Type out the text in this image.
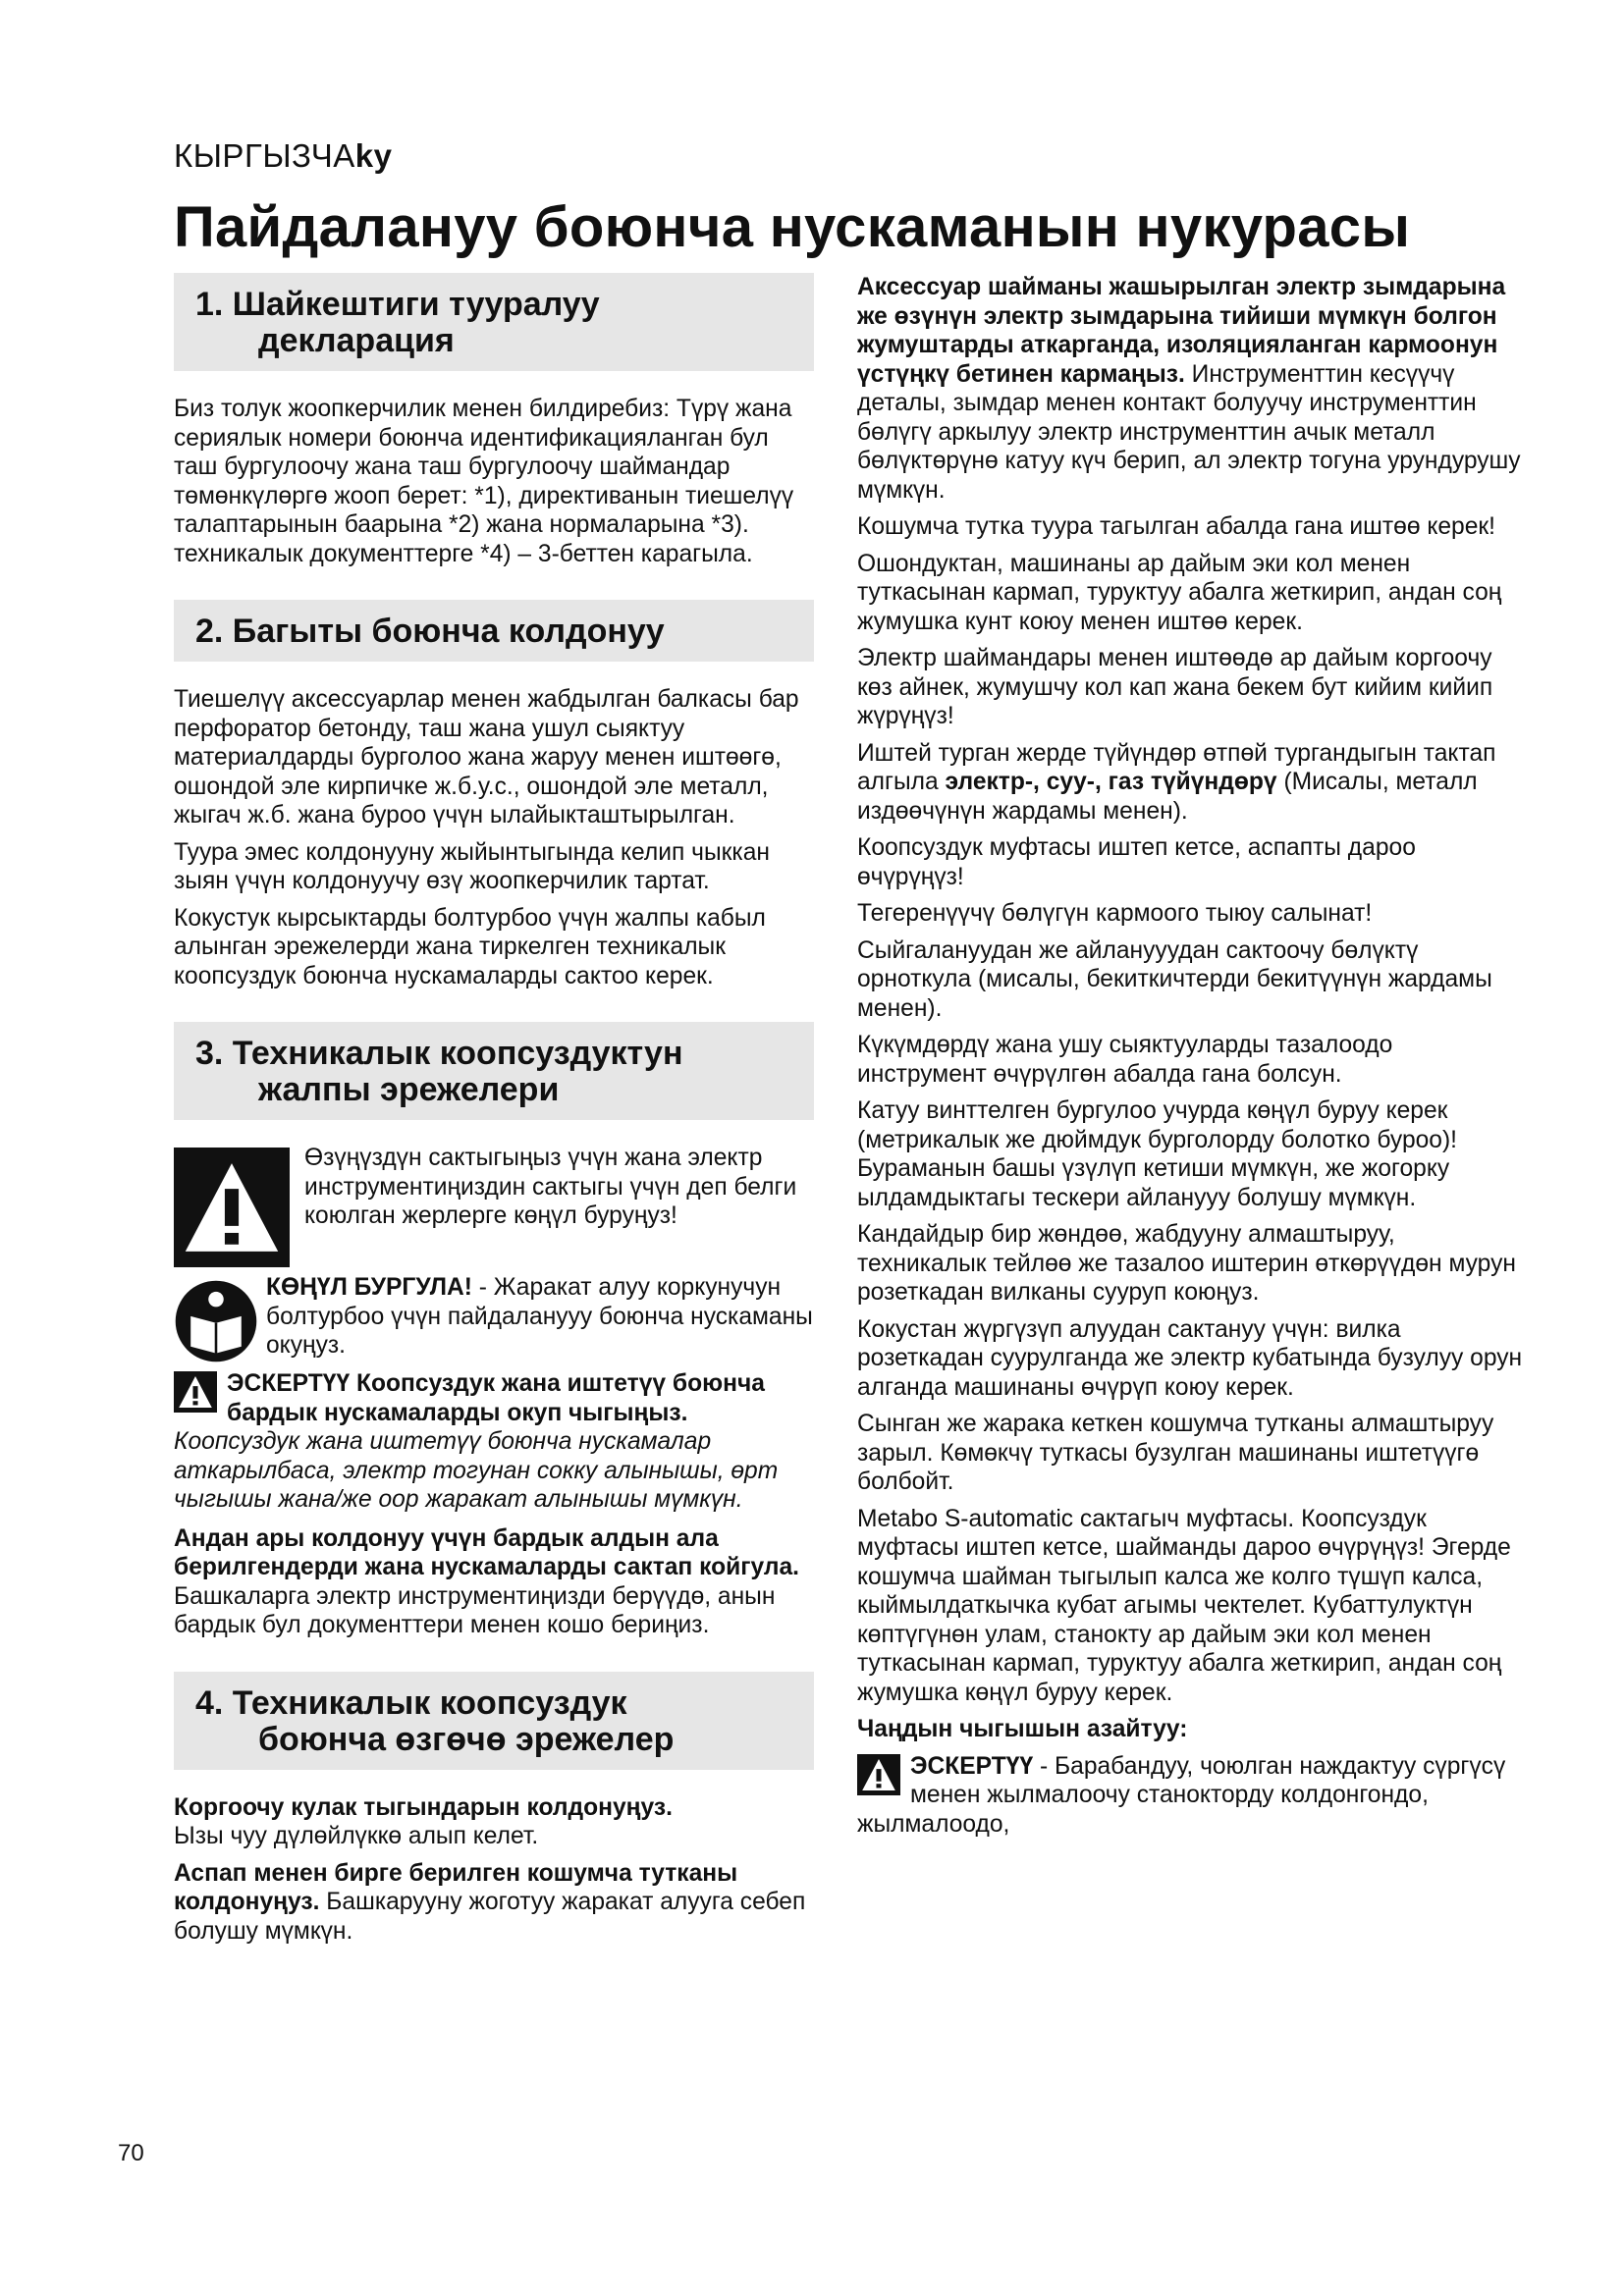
КЫРГЫЗЧАky
Пайдалануу боюнча нускаманын нукурасы
1. Шайкештиги тууралуу
декларация

Биз толук жоопкерчилик менен билдиребиз: Түрү жана сериялык номери боюнча идентификацияланган бул таш бургулоочу жана таш бургулоочу шаймандар төмөнкүлөргө жооп берет: *1), директиванын тиешелүү талаптарынын баарына *2) жана нормаларына *3). техникалык документтерге *4) – 3-беттен карагыла.

2. Багыты боюнча колдонуу

Тиешелүү аксессуарлар менен жабдылган балкасы бар перфоратор бетонду, таш жана ушул сыяктуу материалдарды бурголоо жана жаруу менен иштөөгө, ошондой эле кирпичке ж.б.у.с., ошондой эле металл, жыгач ж.б. жана буроо үчүн ылайыкташтырылган.

Туура эмес колдонууну жыйынтыгында келип чыккан зыян үчүн колдонуучу өзү жоопкерчилик тартат.

Кокустук кырсыктарды болтурбоо үчүн жалпы кабыл алынган эрежелерди жана тиркелген техникалык коопсуздук боюнча нускамаларды сактоо керек.

3. Техникалык коопсуздуктун
жалпы эрежелери

Өзүңүздүн сактыгыңыз үчүн жана электр инструментиңиздин сактыгы үчүн деп белги коюлган жерлерге көңүл буруңуз!

КӨҢҮЛ БУРГУЛА! - Жаракат алуу коркунучун болтурбоо үчүн пайдаланууу боюнча нускаманы окуңуз.

ЭСКЕРТҮҮ Коопсуздук жана иштетүү боюнча бардык нускамаларды окуп чыгыңыз. Коопсуздук жана иштетүү боюнча нускамалар аткарылбаса, электр тогунан сокку алынышы, өрт чыгышы жана/же оор жаракат алынышы мүмкүн.

Андан ары колдонуу үчүн бардык алдын ала берилгендерди жана нускамаларды сактап койгула.

Башкаларга электр инструментиңизди берүүдө, анын бардык бул документтери менен кошо бериңиз.

4. Техникалык коопсуздук
боюнча өзгөчө эрежелер

Коргоочу кулак тыгындарын колдонуңуз.
Ызы чуу дүлөйлүккө алып келет.

Аспап менен бирге берилген кошумча тутканы колдонуңуз. Башкарууну жоготуу жаракат алууга себеп болушу мүмкүн.

Аксессуар шайманы жашырылган электр зымдарына же өзүнүн электр зымдарына тийиши мүмкүн болгон жумуштарды аткарганда, изоляцияланган кармоонун үстүңкү бетинен кармаңыз. Инструменттин кесүүчү деталы, зымдар менен контакт болуучу инструменттин бөлүгү аркылуу электр инструменттин ачык металл бөлүктөрүнө катуу күч берип, ал электр тогуна урундурушу мүмкүн.

Кошумча тутка туура тагылган абалда гана иштөө керек!

Ошондуктан, машинаны ар дайым эки кол менен туткасынан кармап, туруктуу абалга жеткирип, андан соң жумушка кунт коюу менен иштөө керек.

Электр шаймандары менен иштөөдө ар дайым коргоочу көз айнек, жумушчу кол кап жана бекем бут кийим кийип жүрүңүз!

Иштей турган жерде түйүндөр өтпөй тургандыгын тактап алгыла электр-, суу-, газ түйүндөрү (Мисалы, металл издөөчүнүн жардамы менен).

Коопсуздук муфтасы иштеп кетсе, аспапты дароо өчүрүңүз!

Тегеренүүчү бөлүгүн кармоого тыюу салынат!

Сыйгалануудан же айланууудан сактоочу бөлүктү орноткула (мисалы, бекиткичтерди бекитүүнүн жардамы менен).

Күкүмдөрдү жана ушу сыяктууларды тазалоодо инструмент өчүрүлгөн абалда гана болсун.

Катуу винттелген бургулоо учурда көңүл буруу керек (метрикалык же дюймдук бурголорду болотко буроо)! Бураманын башы үзүлүп кетиши мүмкүн, же жогорку ылдамдыктагы тескери айланууу болушу мүмкүн.

Кандайдыр бир жөндөө, жабдууну алмаштыруу, техникалык тейлөө же тазалоо иштерин өткөрүүдөн мурун розеткадан вилканы сууруп коюңуз.

Кокустан жүргүзүп алуудан сактануу үчүн: вилка розеткадан суурулганда же электр кубатында бузулуу орун алганда машинаны өчүрүп коюу керек.

Сынган же жарака кеткен кошумча тутканы алмаштыруу зарыл. Көмөкчү туткасы бузулган машинаны иштетүүгө болбойт.

Metabo S-automatic сактагыч муфтасы. Коопсуздук муфтасы иштеп кетсе, шайманды дароо өчүрүңүз! Эгерде кошумча шайман тыгылып калса же колго түшүп калса, кыймылдаткычка кубат агымы чектелет. Кубаттулуктүн көптүгүнөн улам, станокту ар дайым эки кол менен туткасынан кармап, туруктуу абалга жеткирип, андан соң жумушка көңүл буруу керек.

Чаңдын чыгышын азайтуу:

ЭСКЕРТҮҮ - Барабандуу, чоюлган наждактуу сүргүсү менен жылмалоочу станокторду колдонгондо, жылмалоодо,
70
